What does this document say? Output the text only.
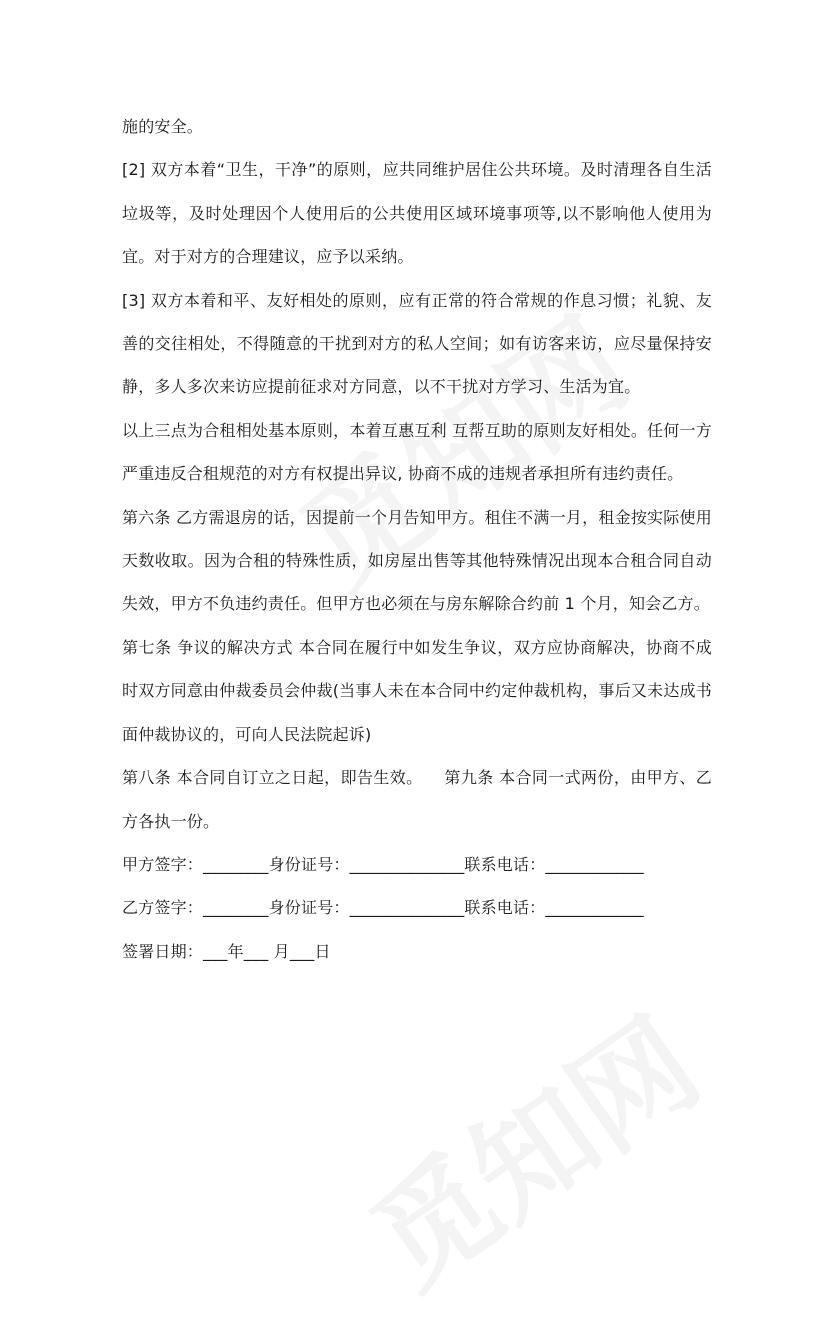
施的安全。

[2] 双方本着“卫生，干净”的原则，应共同维护居住公共环境。及时清理各自生活垃圾等，及时处理因个人使用后的公共使用区域环境事项等,以不影响他人使用为宜。对于对方的合理建议，应予以采纳。

[3] 双方本着和平、友好相处的原则，应有正常的符合常规的作息习惯；礼貌、友善的交往相处，不得随意的干扰到对方的私人空间；如有访客来访，应尽量保持安静，多人多次来访应提前征求对方同意，以不干扰对方学习、生活为宜。

以上三点为合租相处基本原则，本着互惠互利 互帮互助的原则友好相处。任何一方严重违反合租规范的对方有权提出异议, 协商不成的违规者承担所有违约责任。

第六条 乙方需退房的话，因提前一个月告知甲方。租住不满一月，租金按实际使用天数收取。因为合租的特殊性质，如房屋出售等其他特殊情况出现本合租合同自动失效，甲方不负违约责任。但甲方也必须在与房东解除合约前 1 个月，知会乙方。

第七条 争议的解决方式 本合同在履行中如发生争议，双方应协商解决，协商不成时双方同意由仲裁委员会仲裁(当事人未在本合同中约定仲裁机构，事后又未达成书面仲裁协议的，可向人民法院起诉)

第八条 本合同自订立之日起，即告生效。    第九条 本合同一式两份，由甲方、乙方各执一份。

甲方签字：________身份证号：______________联系电话：____________

乙方签字：________身份证号：______________联系电话：____________

签署日期：___年___ 月___日
